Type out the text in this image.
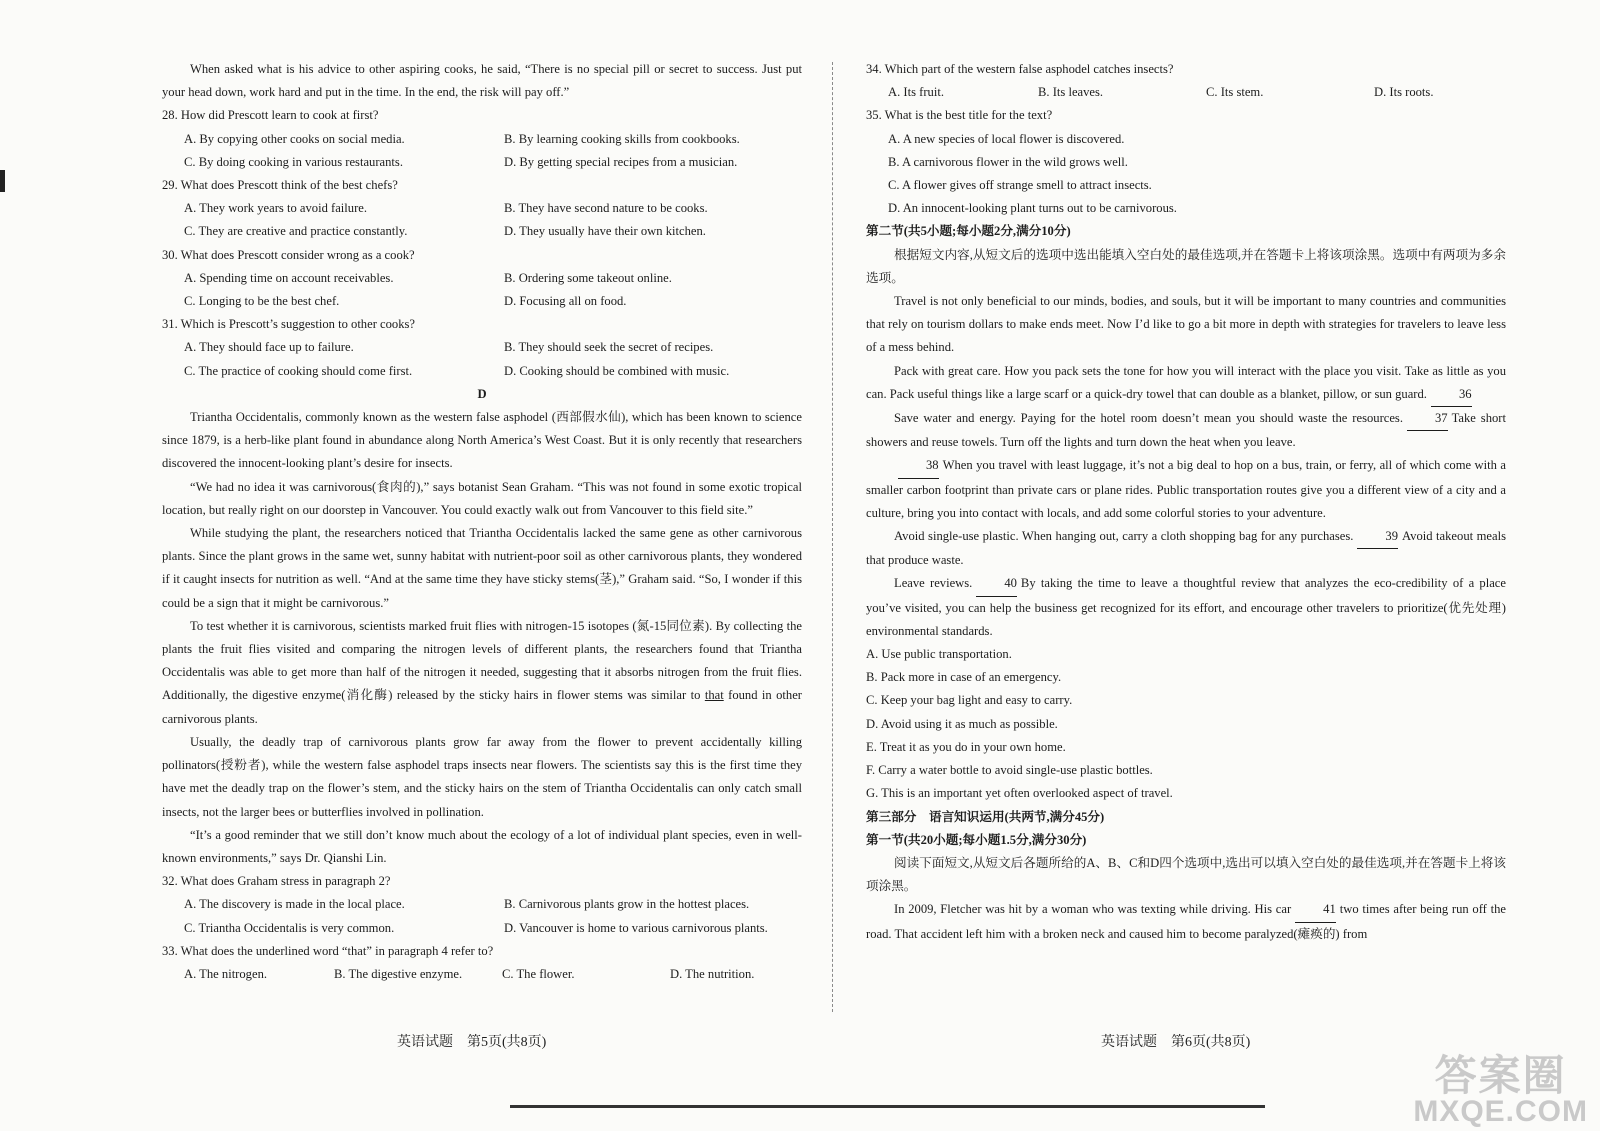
When asked what is his advice to other aspiring cooks, he said, “There is no special pill or secret to success. Just put your head down, work hard and put in the time. In the end, the risk will pay off.”

28. How did Prescott learn to cook at first?

A. By copying other cooks on social media.	B. By learning cooking skills from cookbooks.
C. By doing cooking in various restaurants.	D. By getting special recipes from a musician.

29. What does Prescott think of the best chefs?

A. They work years to avoid failure.	B. They have second nature to be cooks.
C. They are creative and practice constantly.	D. They usually have their own kitchen.

30. What does Prescott consider wrong as a cook?

A. Spending time on account receivables.	B. Ordering some takeout online.
C. Longing to be the best chef.	D. Focusing all on food.

31. Which is Prescott’s suggestion to other cooks?

A. They should face up to failure.	B. They should seek the secret of recipes.
C. The practice of cooking should come first.	D. Cooking should be combined with music.

D

Triantha Occidentalis, commonly known as the western false asphodel (西部假水仙), which has been known to science since 1879, is a herb-like plant found in abundance along North America’s West Coast. But it is only recently that researchers discovered the innocent-looking plant’s desire for insects.

“We had no idea it was carnivorous(食肉的),” says botanist Sean Graham. “This was not found in some exotic tropical location, but really right on our doorstep in Vancouver. You could exactly walk out from Vancouver to this field site.”

While studying the plant, the researchers noticed that Triantha Occidentalis lacked the same gene as other carnivorous plants. Since the plant grows in the same wet, sunny habitat with nutrient-poor soil as other carnivorous plants, they wondered if it caught insects for nutrition as well. “And at the same time they have sticky stems(茎),” Graham said. “So, I wonder if this could be a sign that it might be carnivorous.”

To test whether it is carnivorous, scientists marked fruit flies with nitrogen-15 isotopes (氮-15同位素). By collecting the plants the fruit flies visited and comparing the nitrogen levels of different plants, the researchers found that Triantha Occidentalis was able to get more than half of the nitrogen it needed, suggesting that it absorbs nitrogen from the fruit flies. Additionally, the digestive enzyme(消化酶) released by the sticky hairs in flower stems was similar to that found in other carnivorous plants.

Usually, the deadly trap of carnivorous plants grow far away from the flower to prevent accidentally killing pollinators(授粉者), while the western false asphodel traps insects near flowers. The scientists say this is the first time they have met the deadly trap on the flower’s stem, and the sticky hairs on the stem of Triantha Occidentalis can only catch small insects, not the larger bees or butterflies involved in pollination.

“It’s a good reminder that we still don’t know much about the ecology of a lot of individual plant species, even in well-known environments,” says Dr. Qianshi Lin.

32. What does Graham stress in paragraph 2?

A. The discovery is made in the local place.	B. Carnivorous plants grow in the hottest places.
C. Triantha Occidentalis is very common.	D. Vancouver is home to various carnivorous plants.

33. What does the underlined word “that” in paragraph 4 refer to?

A. The nitrogen.	B. The digestive enzyme.	C. The flower.	D. The nutrition.

34. Which part of the western false asphodel catches insects?

A. Its fruit.	B. Its leaves.	C. Its stem.	D. Its roots.

35. What is the best title for the text?

A. A new species of local flower is discovered.

B. A carnivorous flower in the wild grows well.

C. A flower gives off strange smell to attract insects.

D. An innocent-looking plant turns out to be carnivorous.

第二节(共5小题;每小题2分,满分10分)

根据短文内容,从短文后的选项中选出能填入空白处的最佳选项,并在答题卡上将该项涂黑。选项中有两项为多余选项。

Travel is not only beneficial to our minds, bodies, and souls, but it will be important to many countries and communities that rely on tourism dollars to make ends meet. Now I’d like to go a bit more in depth with strategies for travelers to leave less of a mess behind.

Pack with great care. How you pack sets the tone for how you will interact with the place you visit. Take as little as you can. Pack useful things like a large scarf or a quick-dry towel that can double as a blanket, pillow, or sun guard.	36

Save water and energy. Paying for the hotel room doesn’t mean you should waste the resources.	37 Take short showers and reuse towels. Turn off the lights and turn down the heat when you leave.

38 When you travel with least luggage, it’s not a big deal to hop on a bus, train, or ferry, all of which come with a smaller carbon footprint than private cars or plane rides. Public transportation routes give you a different view of a city and a culture, bring you into contact with locals, and add some colorful stories to your adventure.

Avoid single-use plastic. When hanging out, carry a cloth shopping bag for any purchases.	39 Avoid takeout meals that produce waste.

Leave reviews.	40 By taking the time to leave a thoughtful review that analyzes the eco-credibility of a place you’ve visited, you can help the business get recognized for its effort, and encourage other travelers to prioritize(优先处理) environmental standards.

A. Use public transportation.

B. Pack more in case of an emergency.

C. Keep your bag light and easy to carry.

D. Avoid using it as much as possible.

E. Treat it as you do in your own home.

F. Carry a water bottle to avoid single-use plastic bottles.

G. This is an important yet often overlooked aspect of travel.

第三部分　语言知识运用(共两节,满分45分)

第一节(共20小题;每小题1.5分,满分30分)

阅读下面短文,从短文后各题所给的A、B、C和D四个选项中,选出可以填入空白处的最佳选项,并在答题卡上将该项涂黑。

In 2009, Fletcher was hit by a woman who was texting while driving. His car	41 two times after being run off the road. That accident left him with a broken neck and caused him to become paralyzed(瘫痪的) from

英语试题　第5页(共8页)	英语试题　第6页(共8页)
答案圈
MXQE.COM
